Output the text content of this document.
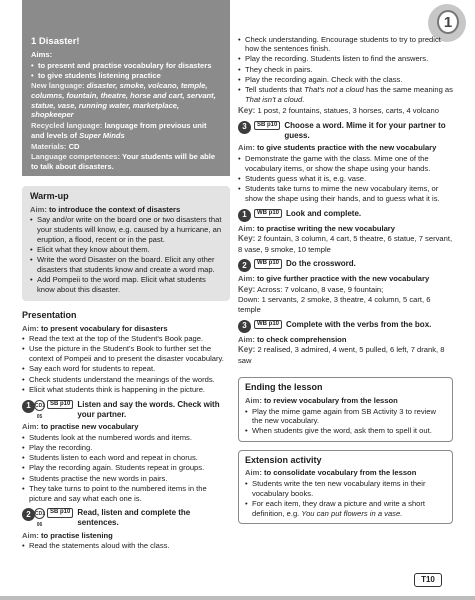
1
1 Disaster!

Aims:

• to present and practise vocabulary for disasters
• to give students listening practice

New language: disaster, smoke, volcano, temple, columns, fountain, theatre, horse and cart, servant, statue, vase, running water, marketplace, shopkeeper

Recycled language: language from previous unit and levels of Super Minds

Materials: CD

Language competences: Your students will be able to talk about disasters.

Warm-up
Aim: to introduce the context of disasters
• Say and/or write on the board one or two disasters that your students will know, e.g. caused by a hurricane, an eruption, a flood, recent or in the past.
• Elicit what they know about them.
• Write the word Disaster on the board. Elicit any other disasters that students know and create a word map.
• Add Pompeii to the word map. Elicit what students know about this disaster.
Presentation
Aim: to present vocabulary for disasters
• Read the text at the top of the Student's Book page.
• Use the picture in the Student's Book to further set the context of Pompeii and to present the disaster vocabulary.
• Say each word for students to repeat.
• Check students understand the meanings of the words.
• Elicit what students think is happening in the picture.
1 CD1 05
SB p10 Listen and say the words. Check with your partner.
Aim: to practise new vocabulary
• Students look at the numbered words and items.
• Play the recording.
• Students listen to each word and repeat in chorus.
• Play the recording again. Students repeat in groups.
• Students practise the new words in pairs.
• They take turns to point to the numbered items in the picture and say what each one is.
2 CD1 06
SB p10 Read, listen and complete the sentences.
Aim: to practise listening
• Read the statements aloud with the class.
• Check understanding. Encourage students to try to predict how the sentences finish.
• Play the recording. Students listen to find the answers.
• They check in pairs.
• Play the recording again. Check with the class.
• Tell students that That's not a cloud has the same meaning as That isn't a cloud.
Key: 1 post, 2 fountains, statues, 3 horses, carts, 4 volcano
3	SB p10 Choose a word. Mime it for your partner to guess.
Aim: to give students practice with the new vocabulary
• Demonstrate the game with the class. Mime one of the vocabulary items, or show the shape using your hands.
• Students guess what it is, e.g. vase.
• Students take turns to mime the new vocabulary items, or show the shape using their hands, and to guess what it is.
1	WB p10 Look and complete.
Aim: to practise writing the new vocabulary
Key: 2 fountain, 3 column, 4 cart, 5 theatre, 6 statue, 7 servant, 8 vase, 9 smoke, 10 temple
2	WB p10 Do the crossword.
Aim: to give further practice with the new vocabulary
Key: Across: 7 volcano, 8 vase, 9 fountain;
Down: 1 servants, 2 smoke, 3 theatre, 4 column, 5 cart, 6 temple
3	WB p10 Complete with the verbs from the box.
Aim: to check comprehension
Key: 2 realised, 3 admired, 4 went, 5 pulled, 6 left, 7 drank, 8 saw
Ending the lesson
Aim: to review vocabulary from the lesson
• Play the mime game again from SB Activity 3 to review the new vocabulary.
• When students give the word, ask them to spell it out.
Extension activity
Aim: to consolidate vocabulary from the lesson
• Students write the ten new vocabulary items in their vocabulary books.
• For each item, they draw a picture and write a short definition, e.g. You can put flowers in a vase.
T10
